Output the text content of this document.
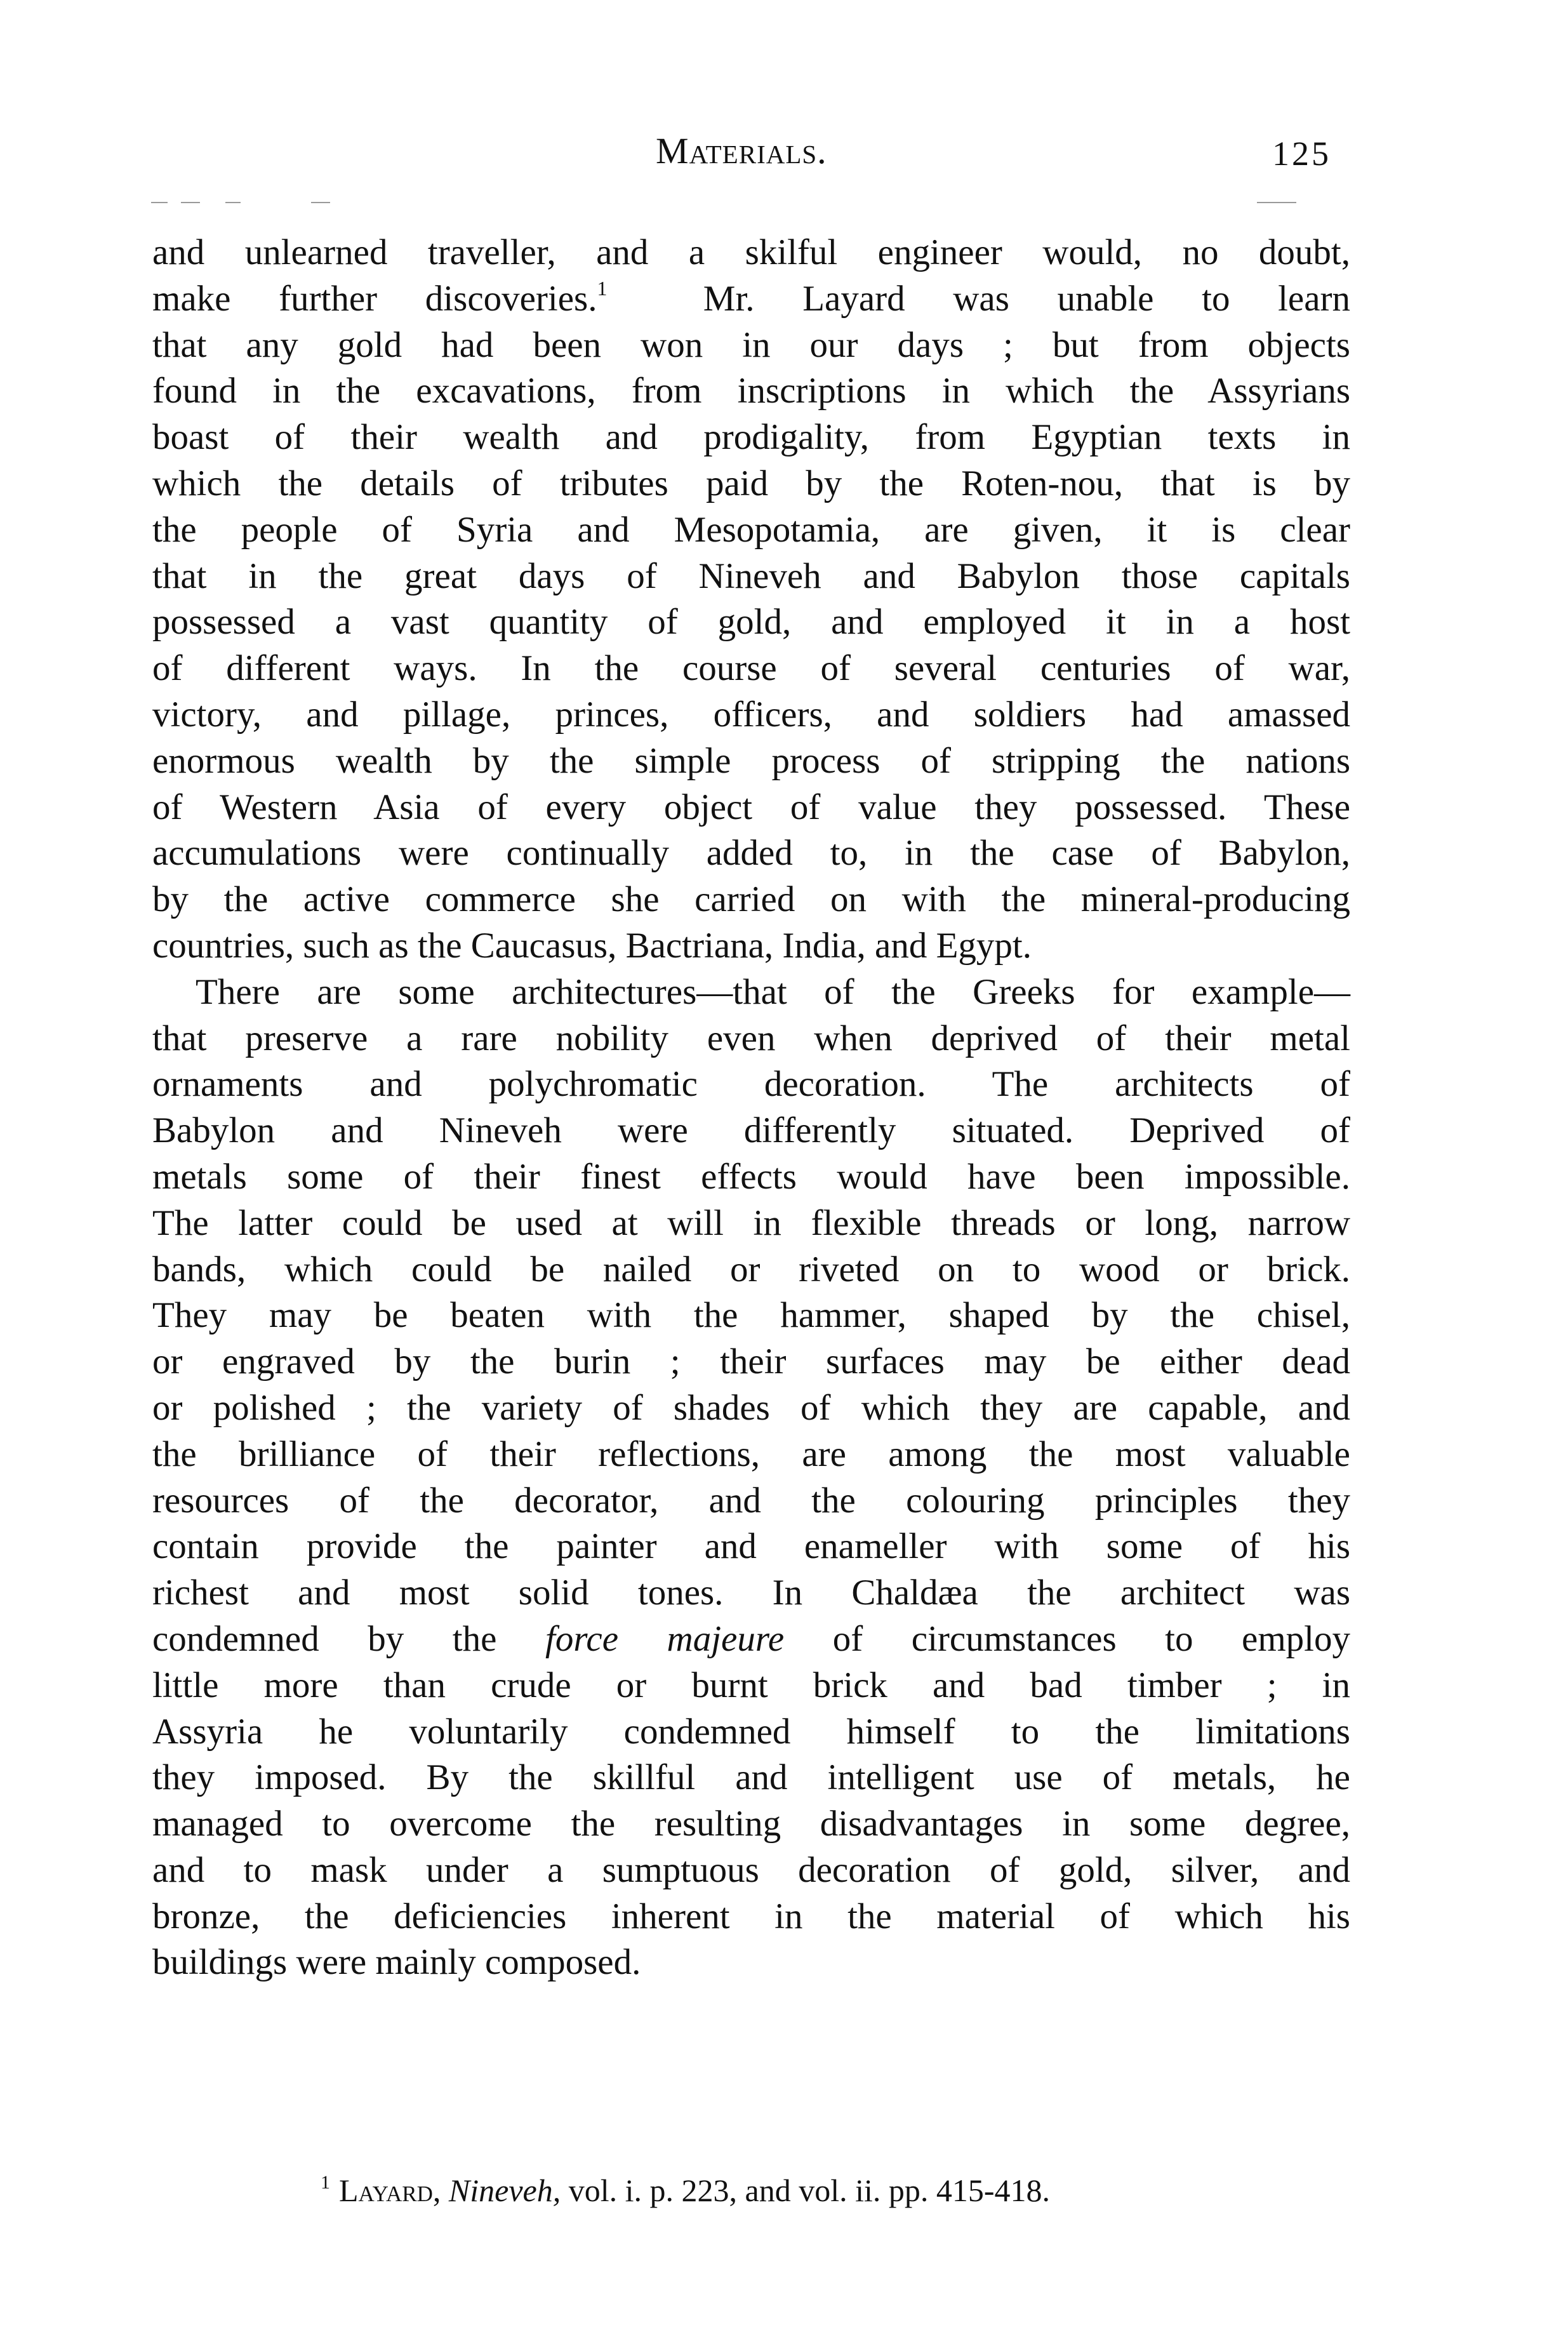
Materials.	125
and unlearned traveller, and a skilful engineer would, no doubt,
make further discoveries.$^1$	Mr. Layard was unable to learn
that any gold had been won in our days ; but from objects
found in the excavations, from inscriptions in which the Assyrians
boast of their wealth and prodigality, from Egyptian texts in
which the details of tributes paid by the Roten-nou, that is by
the people of Syria and Mesopotamia, are given, it is clear
that in the great days of Nineveh and Babylon those capitals
possessed a vast quantity of gold, and employed it in a host
of different ways. In the course of several centuries of war,
victory, and pillage, princes, officers, and soldiers had amassed
enormous wealth by the simple process of stripping the nations
of Western Asia of every object of value they possessed. These
accumulations were continually added to, in the case of Babylon,
by the active commerce she carried on with the mineral-producing
countries, such as the Caucasus, Bactriana, India, and Egypt.
There are some architectures—that of the Greeks for example—
that preserve a rare nobility even when deprived of their metal
ornaments and polychromatic decoration. The architects of
Babylon and Nineveh were differently situated. Deprived of
metals some of their finest effects would have been impossible.
The latter could be used at will in flexible threads or long, narrow
bands, which could be nailed or riveted on to wood or brick.
They may be beaten with the hammer, shaped by the chisel,
or engraved by the burin ; their surfaces may be either dead
or polished ; the variety of shades of which they are capable, and
the brilliance of their reflections, are among the most valuable
resources of the decorator, and the colouring principles they
contain provide the painter and enameller with some of his
richest and most solid tones. In Chaldæa the architect was
condemned by the force majeure of circumstances to employ
little more than crude or burnt brick and bad timber ; in
Assyria he voluntarily condemned himself to the limitations
they imposed. By the skillful and intelligent use of metals, he
managed to overcome the resulting disadvantages in some degree,
and to mask under a sumptuous decoration of gold, silver, and
bronze, the deficiencies inherent in the material of which his
buildings were mainly composed.
$^1$ Layard, Nineveh, vol. i. p. 223, and vol. ii. pp. 415-418.
